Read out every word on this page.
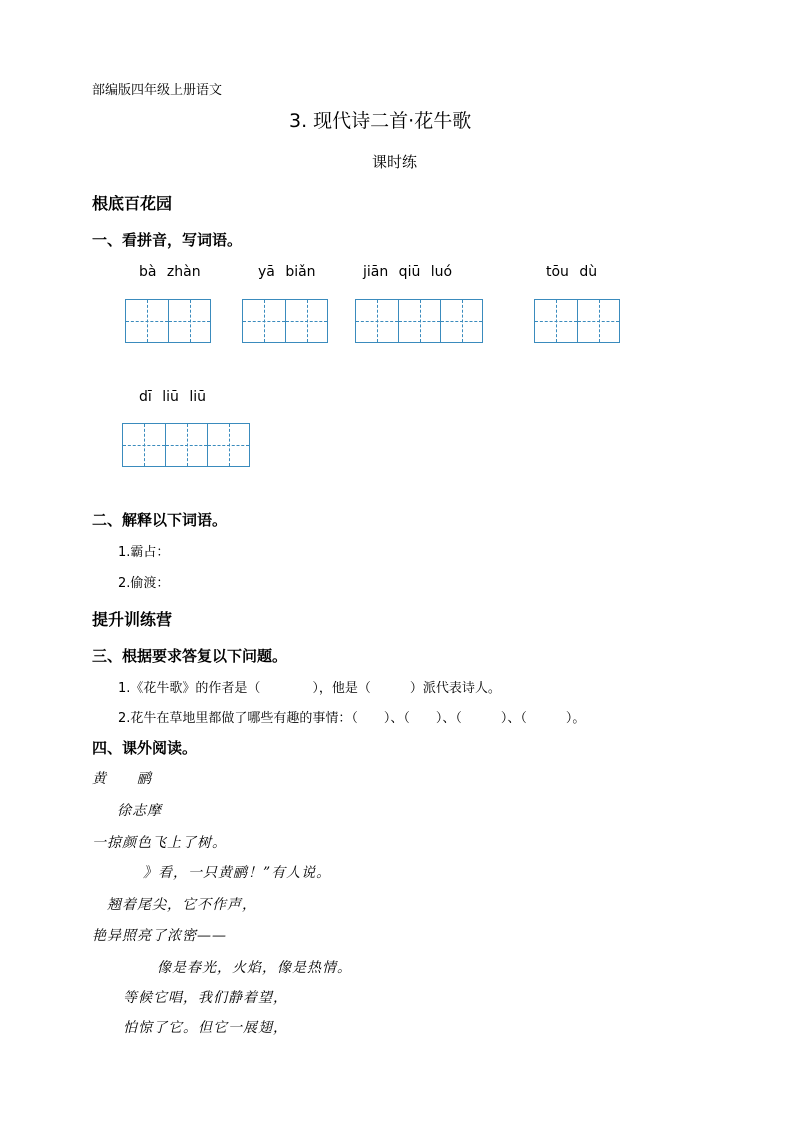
部编版四年级上册语文
3. 现代诗二首·花牛歌
课时练
根底百花园
一、看拼音，写词语。
bà zhàn	yā biǎn	jiān qiū luó	tōu dù
dī liū liū
二、解释以下词语。
1.霸占：
2.偷渡：
提升训练营
三、根据要求答复以下问题。
1.《花牛歌》的作者是（　　　　），他是（　　　）派代表诗人。
2.花牛在草地里都做了哪些有趣的事情：（　　）、（　　）、（　　　）、（　　　）。
四、课外阅读。
黄　　鹂
徐志摩
一掠颜色飞上了树。
》看，一只黄鹂！”有人说。
翘着尾尖，它不作声，
艳异照亮了浓密——
像是春光，火焰，像是热情。
等候它唱，我们静着望，
怕惊了它。但它一展翅，
